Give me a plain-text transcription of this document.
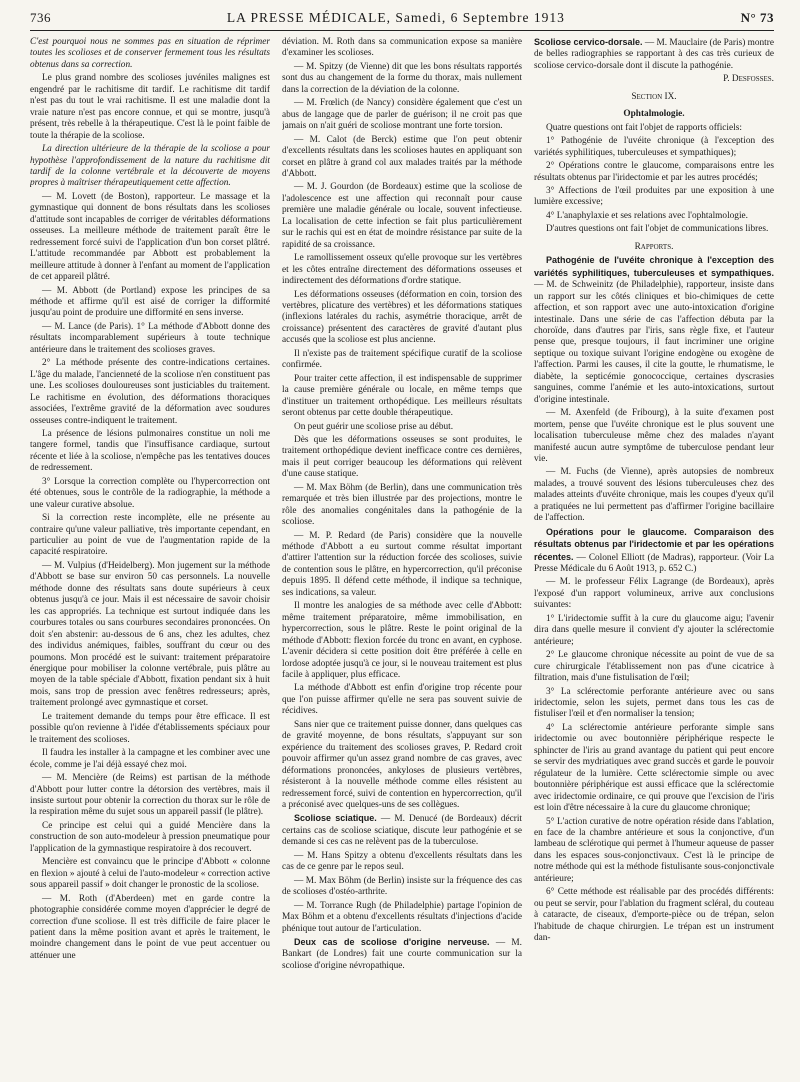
736	LA PRESSE MÉDICALE, Samedi, 6 Septembre 1913	N° 73

C'est pourquoi nous ne sommes pas en situation de réprimer toutes les scolioses et de conserver fermement tous les résultats obtenus dans sa correction.

Le plus grand nombre des scolioses juvéniles malignes est engendré par le rachitisme dit tardif. Le rachitisme dit tardif n'est pas du tout le vrai rachitisme. Il est une maladie dont la vraie nature n'est pas encore connue, et qui se montre, jusqu'à présent, très rebelle à la thérapeutique. C'est là le point faible de toute la thérapie de la scoliose.

La direction ultérieure de la thérapie de la scoliose a pour hypothèse l'approfondissement de la nature du rachitisme dit tardif de la colonne vertébrale et la découverte de moyens propres à maîtriser thérapeutiquement cette affection.

— M. Lovett (de Boston), rapporteur. Le massage et la gymnastique qui donnent de bons résultats dans les scolioses d'attitude sont incapables de corriger de véritables déformations osseuses. La meilleure méthode de traitement paraît être le redressement forcé suivi de l'application d'un bon corset plâtré. L'attitude recommandée par Abbott est probablement la meilleure attitude à donner à l'enfant au moment de l'application de cet appareil plâtré.

— M. Abbott (de Portland) expose les principes de sa méthode et affirme qu'il est aisé de corriger la difformité jusqu'au point de produire une difformité en sens inverse.

— M. Lance (de Paris). 1° La méthode d'Abbott donne des résultats incomparablement supérieurs à toute technique antérieure dans le traitement des scolioses graves.

2° La méthode présente des contre-indications certaines. L'âge du malade, l'ancienneté de la scoliose n'en constituent pas une. Les scolioses douloureuses sont justiciables du traitement. Le rachitisme en évolution, des déformations thoraciques associées, l'extrême gravité de la déformation avec soudures osseuses contre-indiquent le traitement.

La présence de lésions pulmonaires constitue un noli me tangere formel, tandis que l'insuffisance cardiaque, surtout récente et liée à la scoliose, n'empêche pas les tentatives douces de redressement.

3° Lorsque la correction complète ou l'hypercorrection ont été obtenues, sous le contrôle de la radiographie, la méthode a une valeur curative absolue.

Si la correction reste incomplète, elle ne présente au contraire qu'une valeur palliative, très importante cependant, en particulier au point de vue de l'augmentation rapide de la capacité respiratoire.

— M. Vulpius (d'Heidelberg). Mon jugement sur la méthode d'Abbott se base sur environ 50 cas personnels. La nouvelle méthode donne des résultats sans doute supérieurs à ceux obtenus jusqu'à ce jour. Mais il est nécessaire de savoir choisir les cas appropriés. La technique est surtout indiquée dans les courbures totales ou sans courbures secondaires prononcées. On doit s'en abstenir: au-dessous de 6 ans, chez les adultes, chez des individus anémiques, faibles, souffrant du cœur ou des poumons. Mon procédé est le suivant: traitement préparatoire énergique pour mobiliser la colonne vertébrale, puis plâtre au moyen de la table spéciale d'Abbott, fixation pendant six à huit mois, sans trop de pression avec fenêtres redresseurs; après, traitement prolongé avec gymnastique et corset.

Le traitement demande du temps pour être efficace. Il est possible qu'on revienne à l'idée d'établissements spéciaux pour le traitement des scolioses.

Il faudra les installer à la campagne et les combiner avec une école, comme je l'ai déjà essayé chez moi.

— M. Mencière (de Reims) est partisan de la méthode d'Abbott pour lutter contre la détorsion des vertèbres, mais il insiste surtout pour obtenir la correction du thorax sur le rôle de la respiration même du sujet sous un appareil passif (le plâtre).

Ce principe est celui qui a guidé Mencière dans la construction de son auto-modeleur à pression pneumatique pour l'application de la gymnastique respiratoire à dos recouvert.

Mencière est convaincu que le principe d'Abbott « colonne en flexion » ajouté à celui de l'auto-modeleur « correction active sous appareil passif » doit changer le pronostic de la scoliose.

— M. Roth (d'Aberdeen) met en garde contre la photographie considérée comme moyen d'apprécier le degré de correction d'une scoliose. Il est très difficile de faire placer le patient dans la même position avant et après le traitement, le moindre changement dans le point de vue peut accentuer ou atténuer une

déviation. M. Roth dans sa communication expose sa manière d'examiner les scolioses.

— M. Spitzy (de Vienne) dit que les bons résultats rapportés sont dus au changement de la forme du thorax, mais nullement dans la correction de la déviation de la colonne.

— M. Frœlich (de Nancy) considère également que c'est un abus de langage que de parler de guérison; il ne croit pas que jamais on n'ait guéri de scoliose montrant une forte torsion.

— M. Calot (de Berck) estime que l'on peut obtenir d'excellents résultats dans les scolioses hautes en appliquant son corset en plâtre à grand col aux malades traités par la méthode d'Abbott.

— M. J. Gourdon (de Bordeaux) estime que la scoliose de l'adolescence est une affection qui reconnaît pour cause première une maladie générale ou locale, souvent infectieuse. La localisation de cette infection se fait plus particulièrement sur le rachis qui est en état de moindre résistance par suite de la rapidité de sa croissance.

Le ramollissement osseux qu'elle provoque sur les vertèbres et les côtes entraîne directement des déformations osseuses et indirectement des déformations d'ordre statique.

Les déformations osseuses (déformation en coin, torsion des vertèbres, plicature des vertèbres) et les déformations statiques (inflexions latérales du rachis, asymétrie thoracique, arrêt de croissance) présentent des caractères de gravité d'autant plus accusés que la scoliose est plus ancienne.

Il n'existe pas de traitement spécifique curatif de la scoliose confirmée.

Pour traiter cette affection, il est indispensable de supprimer la cause première générale ou locale, en même temps que d'instituer un traitement orthopédique. Les meilleurs résultats seront obtenus par cette double thérapeutique.

On peut guérir une scoliose prise au début.

Dès que les déformations osseuses se sont produites, le traitement orthopédique devient inefficace contre ces dernières, mais il peut corriger beaucoup les déformations qui relèvent d'une cause statique.

— M. Max Böhm (de Berlin), dans une communication très remarquée et très bien illustrée par des projections, montre le rôle des anomalies congénitales dans la pathogénie de la scoliose.

— M. P. Redard (de Paris) considère que la nouvelle méthode d'Abbott a eu surtout comme résultat important d'attirer l'attention sur la réduction forcée des scolioses, suivie de contention sous le plâtre, en hypercorrection, qu'il préconise depuis 1895. Il défend cette méthode, il indique sa technique, ses indications, sa valeur.

Il montre les analogies de sa méthode avec celle d'Abbott: même traitement préparatoire, même immobilisation, en hypercorrection, sous le plâtre. Reste le point original de la méthode d'Abbott: flexion forcée du tronc en avant, en cyphose. L'avenir décidera si cette position doit être préférée à celle en lordose adoptée jusqu'à ce jour, si le nouveau traitement est plus facile à appliquer, plus efficace.

La méthode d'Abbott est enfin d'origine trop récente pour que l'on puisse affirmer qu'elle ne sera pas souvent suivie de récidives.

Sans nier que ce traitement puisse donner, dans quelques cas de gravité moyenne, de bons résultats, s'appuyant sur son expérience du traitement des scolioses graves, P. Redard croit pouvoir affirmer qu'un assez grand nombre de cas graves, avec déformations prononcées, ankyloses de plusieurs vertèbres, résisteront à la nouvelle méthode comme elles résistent au redressement forcé, suivi de contention en hypercorrection, qu'il a préconisé avec quelques-uns de ses collègues.

Scoliose sciatique. — M. Denucé (de Bordeaux) décrit certains cas de scoliose sciatique, discute leur pathogénie et se demande si ces cas ne relèvent pas de la tuberculose.

— M. Hans Spitzy a obtenu d'excellents résultats dans les cas de ce genre par le repos seul.

— M. Max Böhm (de Berlin) insiste sur la fréquence des cas de scolioses d'ostéo-arthrite.

— M. Torrance Rugh (de Philadelphie) partage l'opinion de Max Böhm et a obtenu d'excellents résultats d'injections d'acide phénique tout autour de l'articulation.

Deux cas de scoliose d'origine nerveuse. — M. Bankart (de Londres) fait une courte communication sur la scoliose d'origine névropathique.

Scoliose cervico-dorsale. — M. Mauclaire (de Paris) montre de belles radiographies se rapportant à des cas très curieux de scoliose cervico-dorsale dont il discute la pathogénie.

P. Desfosses.

Section IX.

Ophtalmologie.

Quatre questions ont fait l'objet de rapports officiels:

1° Pathogénie de l'uvéite chronique (à l'exception des variétés syphilitiques, tuberculeuses et sympathiques);

2° Opérations contre le glaucome, comparaisons entre les résultats obtenus par l'iridectomie et par les autres procédés;

3° Affections de l'œil produites par une exposition à une lumière excessive;

4° L'anaphylaxie et ses relations avec l'ophtalmologie.

D'autres questions ont fait l'objet de communications libres.

Rapports.

Pathogénie de l'uvéite chronique à l'exception des variétés syphilitiques, tuberculeuses et sympathiques. — M. de Schweinitz (de Philadelphie), rapporteur, insiste dans un rapport sur les côtés cliniques et bio-chimiques de cette affection, et son rapport avec une auto-intoxication d'origine intestinale. Dans une série de cas l'affection débuta par la choroïde, dans d'autres par l'iris, sans règle fixe, et l'auteur pense que, presque toujours, il faut incriminer une origine septique ou toxique suivant l'origine endogène ou exogène de l'affection. Parmi les causes, il cite la goutte, le rhumatisme, le diabète, la septicémie gonococcique, certaines dyscrasies sanguines, comme l'anémie et les auto-intoxications, surtout d'origine intestinale.

— M. Axenfeld (de Fribourg), à la suite d'examen post mortem, pense que l'uvéite chronique est le plus souvent une localisation tuberculeuse même chez des malades n'ayant manifesté aucun autre symptôme de tuberculose pendant leur vie.

— M. Fuchs (de Vienne), après autopsies de nombreux malades, a trouvé souvent des lésions tuberculeuses chez des malades atteints d'uvéite chronique, mais les coupes d'yeux qu'il a pratiquées ne lui permettent pas d'affirmer l'origine bacillaire de l'affection.

Opérations pour le glaucome. Comparaison des résultats obtenus par l'iridectomie et par les opérations récentes. — Colonel Elliott (de Madras), rapporteur. (Voir La Presse Médicale du 6 Août 1913, p. 652 C.)

— M. le professeur Félix Lagrange (de Bordeaux), après l'exposé d'un rapport volumineux, arrive aux conclusions suivantes:

1° L'iridectomie suffit à la cure du glaucome aigu; l'avenir dira dans quelle mesure il convient d'y ajouter la sclérectomie antérieure;

2° Le glaucome chronique nécessite au point de vue de sa cure chirurgicale l'établissement non pas d'une cicatrice à filtration, mais d'une fistulisation de l'œil;

3° La sclérectomie perforante antérieure avec ou sans iridectomie, selon les sujets, permet dans tous les cas de fistuliser l'œil et d'en normaliser la tension;

4° La sclérectomie antérieure perforante simple sans iridectomie ou avec boutonnière périphérique respecte le sphincter de l'iris au grand avantage du patient qui peut encore se servir des mydriatiques avec grand succès et garde le pouvoir régulateur de la lumière. Cette sclérectomie simple ou avec boutonnière périphérique est aussi efficace que la sclérectomie avec iridectomie ordinaire, ce qui prouve que l'excision de l'iris est loin d'être nécessaire à la cure du glaucome chronique;

5° L'action curative de notre opération réside dans l'ablation, en face de la chambre antérieure et sous la conjonctive, d'un lambeau de sclérotique qui permet à l'humeur aqueuse de passer dans les espaces sous-conjonctivaux. C'est là le principe de notre méthode qui est la méthode fistulisante sous-conjonctivale antérieure;

6° Cette méthode est réalisable par des procédés différents: ou peut se servir, pour l'ablation du fragment scléral, du couteau à cataracte, de ciseaux, d'emporte-pièce ou de trépan, selon l'habitude de chaque chirurgien. Le trépan est un instrument dan-
